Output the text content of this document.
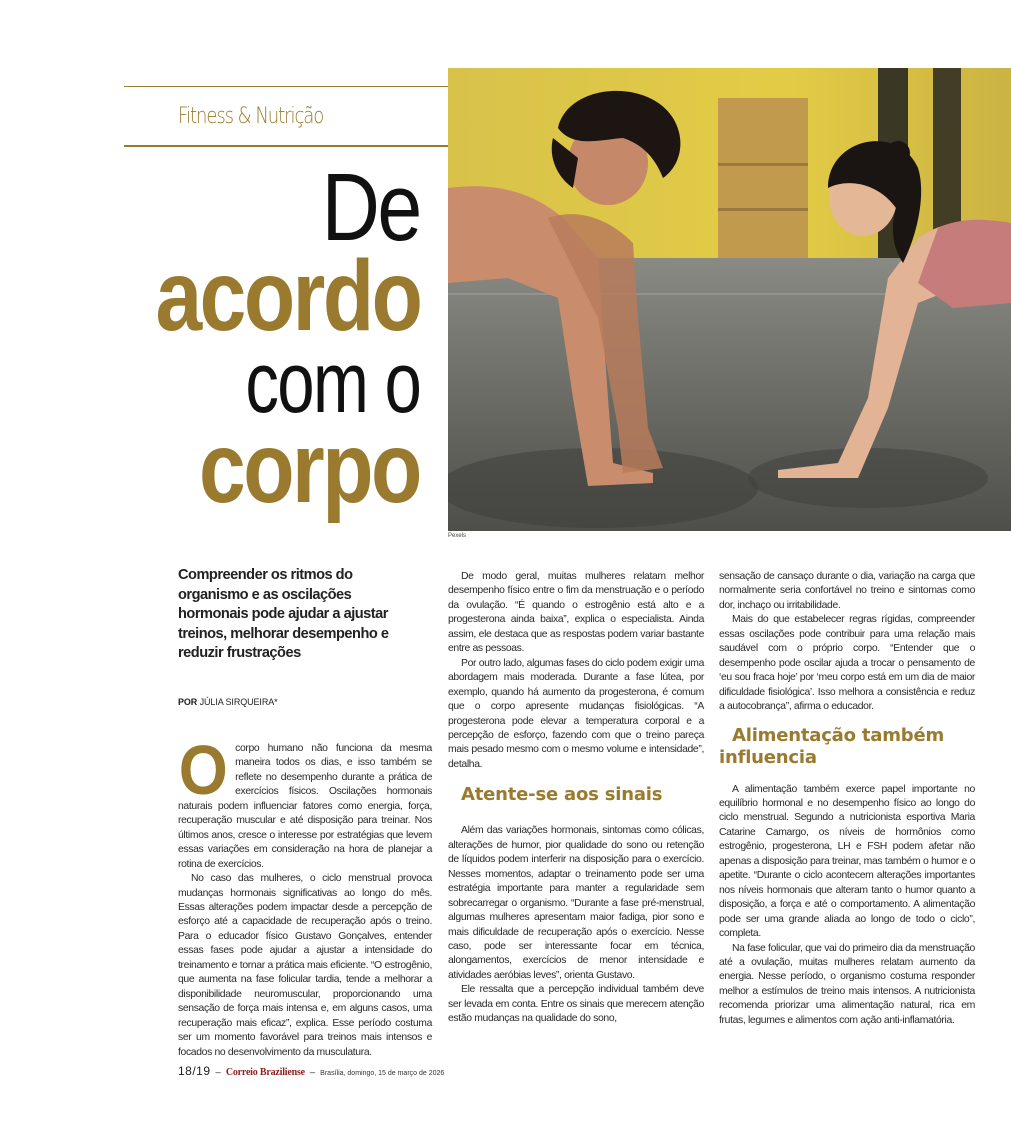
Fitness & Nutrição
De
acordo
com o
corpo
Pexels
Compreender os ritmos do organismo e as oscilações hormonais pode ajudar a ajustar treinos, melhorar desempenho e reduzir frustrações
POR JÚLIA SIRQUEIRA*

Ocorpo humano não funciona da mesma maneira todos os dias, e isso também se reflete no desempenho durante a prática de exercícios físicos. Oscilações hormonais naturais podem influenciar fatores como energia, força, recuperação muscular e até disposição para treinar. Nos últimos anos, cresce o interesse por estratégias que levem essas variações em consideração na hora de planejar a rotina de exercícios.

No caso das mulheres, o ciclo menstrual provoca mudanças hormonais significativas ao longo do mês. Essas alterações podem impactar desde a percepção de esforço até a capacidade de recuperação após o treino. Para o educador físico Gustavo Gonçalves, entender essas fases pode ajudar a ajustar a intensidade do treinamento e tornar a prática mais eficiente. “O estrogênio, que aumenta na fase folicular tardia, tende a melhorar a disponibilidade neuromuscular, proporcionando uma sensação de força mais intensa e, em alguns casos, uma recuperação mais eficaz”, explica. Esse período costuma ser um momento favorável para treinos mais intensos e focados no desenvolvimento da musculatura.

De modo geral, muitas mulheres relatam melhor desempenho físico entre o fim da menstruação e o período da ovulação. “É quando o estrogênio está alto e a progesterona ainda baixa”, explica o especialista. Ainda assim, ele destaca que as respostas podem variar bastante entre as pessoas.

Por outro lado, algumas fases do ciclo podem exigir uma abordagem mais moderada. Durante a fase lútea, por exemplo, quando há aumento da progesterona, é comum que o corpo apresente mudanças fisiológicas. “A progesterona pode elevar a temperatura corporal e a percepção de esforço, fazendo com que o treino pareça mais pesado mesmo com o mesmo volume e intensidade”, detalha.

Atente-se aos sinais

Além das variações hormonais, sintomas como cólicas, alterações de humor, pior qualidade do sono ou retenção de líquidos podem interferir na disposição para o exercício. Nesses momentos, adaptar o treinamento pode ser uma estratégia importante para manter a regularidade sem sobrecarregar o organismo. “Durante a fase pré-menstrual, algumas mulheres apresentam maior fadiga, pior sono e mais dificuldade de recuperação após o exercício. Nesse caso, pode ser interessante focar em técnica, alongamentos, exercícios de menor intensidade e atividades aeróbias leves”, orienta Gustavo.

Ele ressalta que a percepção individual também deve ser levada em conta. Entre os sinais que merecem atenção estão mudanças na qualidade do sono,

sensação de cansaço durante o dia, variação na carga que normalmente seria confortável no treino e sintomas como dor, inchaço ou irritabilidade.

Mais do que estabelecer regras rígidas, compreender essas oscilações pode contribuir para uma relação mais saudável com o próprio corpo. “Entender que o desempenho pode oscilar ajuda a trocar o pensamento de ‘eu sou fraca hoje’ por ‘meu corpo está em um dia de maior dificuldade fisiológica’. Isso melhora a consistência e reduz a autocobrança”, afirma o educador.

Alimentação também influencia

A alimentação também exerce papel importante no equilíbrio hormonal e no desempenho físico ao longo do ciclo menstrual. Segundo a nutricionista esportiva Maria Catarine Camargo, os níveis de hormônios como estrogênio, progesterona, LH e FSH podem afetar não apenas a disposição para treinar, mas também o humor e o apetite. “Durante o ciclo acontecem alterações importantes nos níveis hormonais que alteram tanto o humor quanto a disposição, a força e até o comportamento. A alimentação pode ser uma grande aliada ao longo de todo o ciclo”, completa.

Na fase folicular, que vai do primeiro dia da menstruação até a ovulação, muitas mulheres relatam aumento da energia. Nesse período, o organismo costuma responder melhor a estímulos de treino mais intensos. A nutricionista recomenda priorizar uma alimentação natural, rica em frutas, legumes e alimentos com ação anti-inflamatória.

18/19 – Correio Braziliense – Brasília, domingo, 15 de março de 2026
